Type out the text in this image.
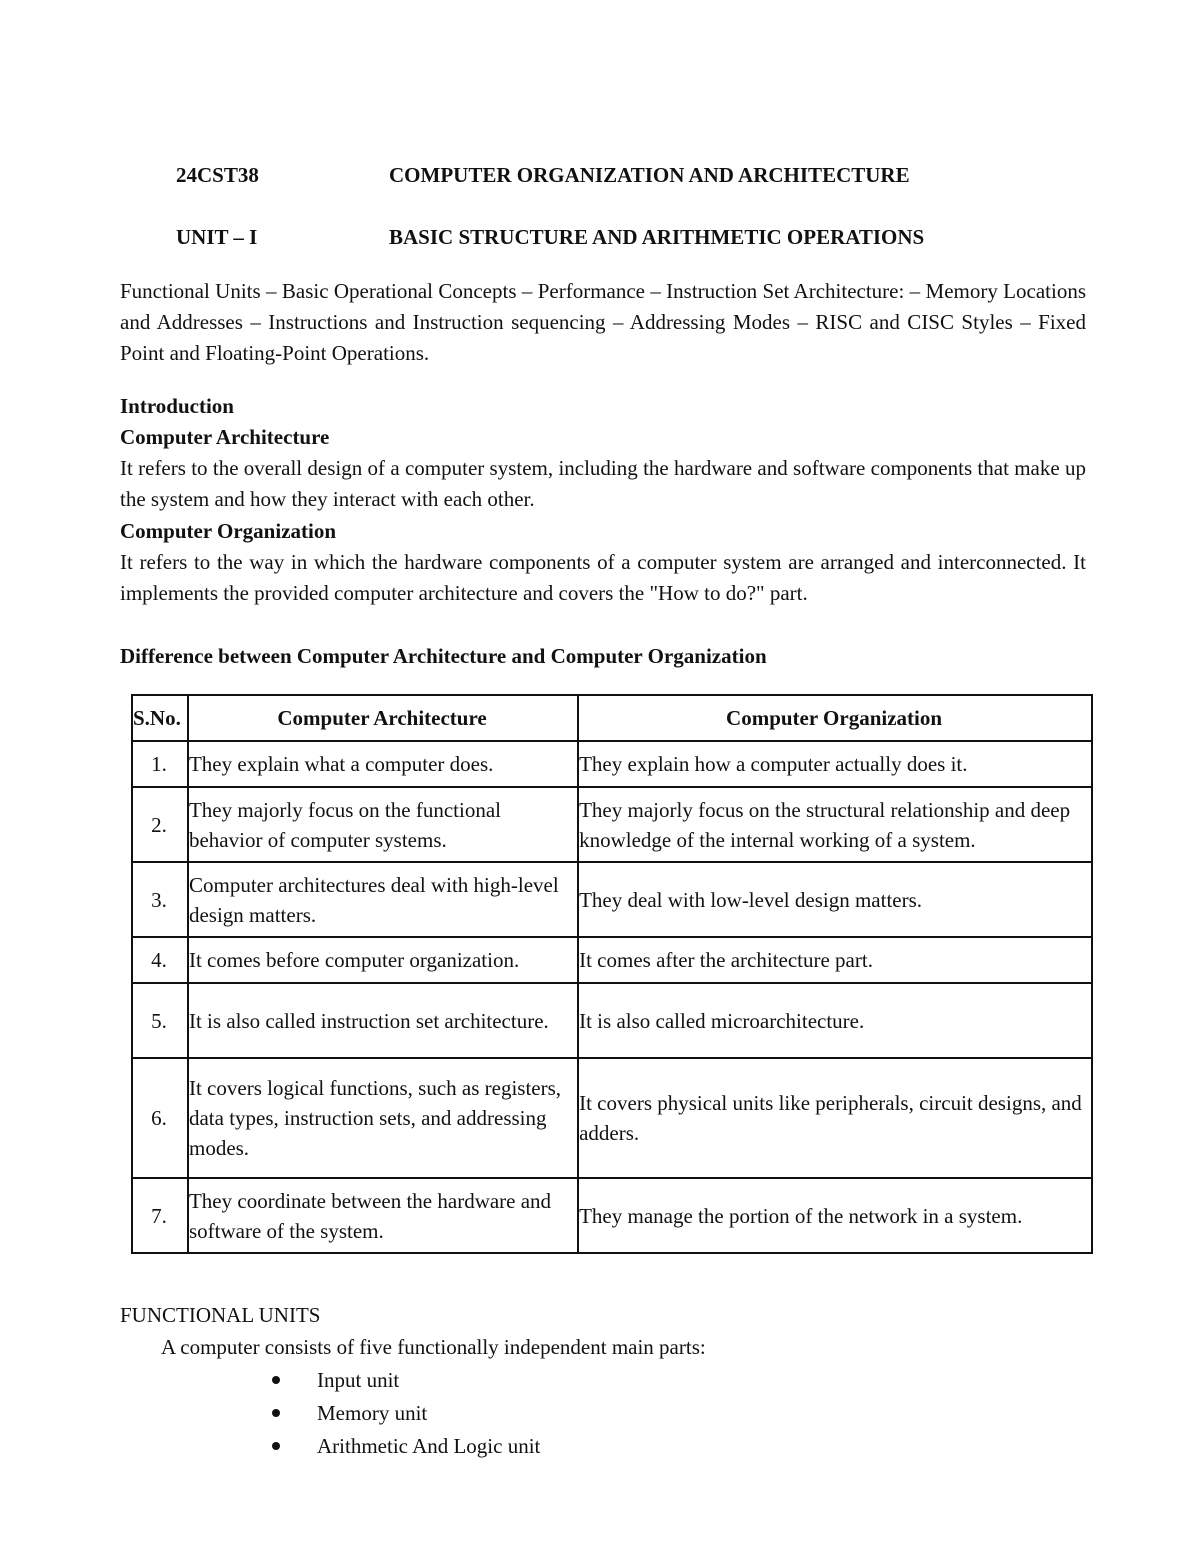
24CST38	COMPUTER ORGANIZATION AND ARCHITECTURE
UNIT – I	BASIC STRUCTURE AND ARITHMETIC OPERATIONS
Functional Units – Basic Operational Concepts – Performance – Instruction Set Architecture: – Memory Locations and Addresses – Instructions and Instruction sequencing – Addressing Modes – RISC and CISC Styles – Fixed Point and Floating-Point Operations.
Introduction
Computer Architecture
It refers to the overall design of a computer system, including the hardware and software components that make up the system and how they interact with each other.
Computer Organization
It refers to the way in which the hardware components of a computer system are arranged and interconnected. It implements the provided computer architecture and covers the "How to do?" part.
Difference between Computer Architecture and Computer Organization
S.No.	Computer Architecture	Computer Organization
1.	They explain what a computer does.	They explain how a computer actually does it.
2.	They majorly focus on the functional behavior of computer systems.	They majorly focus on the structural relationship and deep knowledge of the internal working of a system.
3.	Computer architectures deal with high-level design matters.	They deal with low-level design matters.
4.	It comes before computer organization.	It comes after the architecture part.
5.	It is also called instruction set architecture.	It is also called microarchitecture.
6.	It covers logical functions, such as registers, data types, instruction sets, and addressing modes.	It covers physical units like peripherals, circuit designs, and adders.
7.	They coordinate between the hardware and software of the system.	They manage the portion of the network in a system.
FUNCTIONAL UNITS
A computer consists of five functionally independent main parts:
Input unit
Memory unit
Arithmetic And Logic unit
